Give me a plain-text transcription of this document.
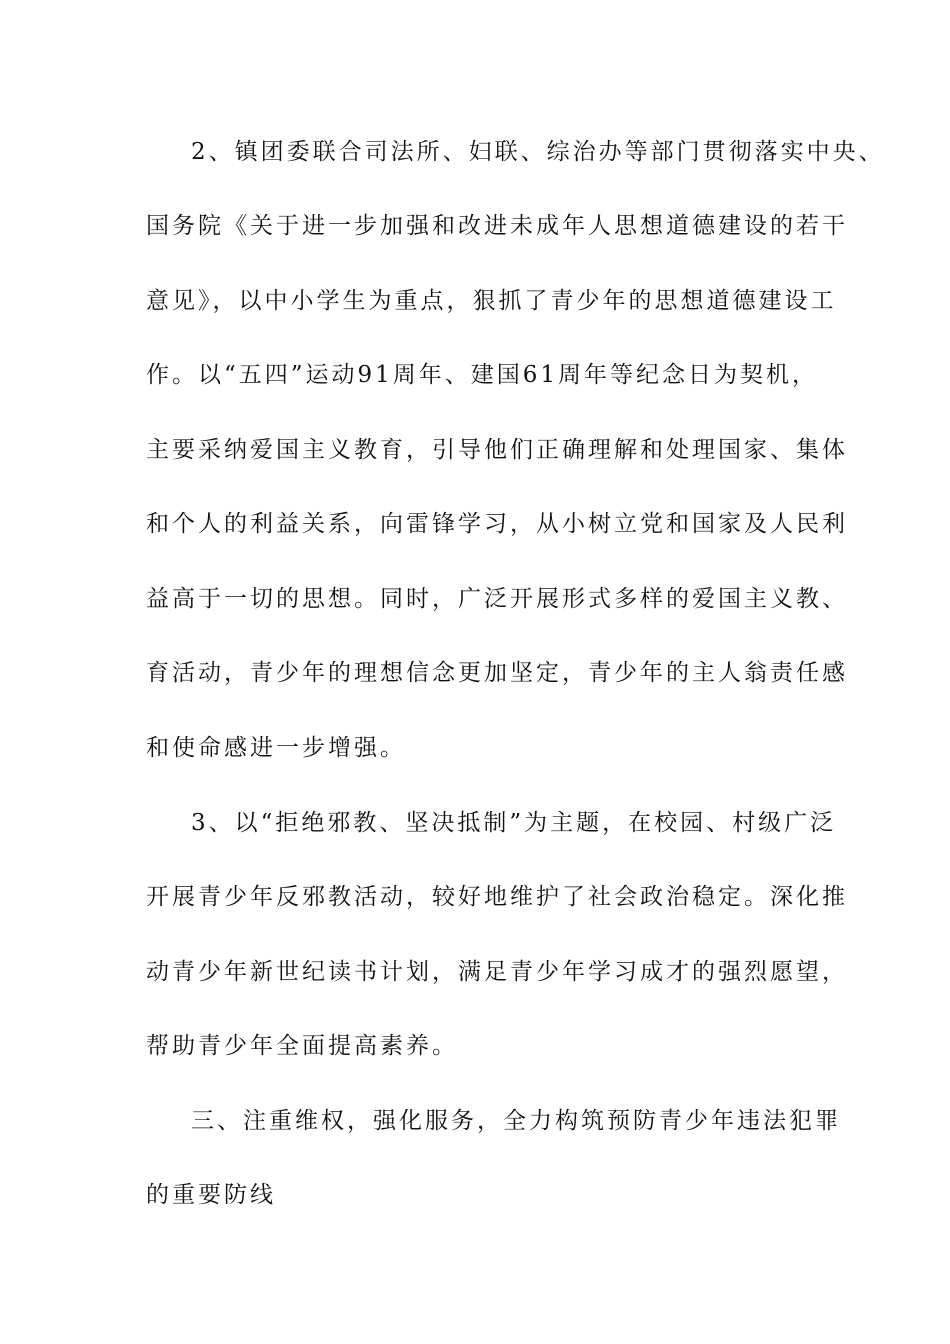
2、镇团委联合司法所、妇联、综治办等部门贯彻落实中央、
国务院《关于进一步加强和改进未成年人思想道德建设的若干
意见》，以中小学生为重点，狠抓了青少年的思想道德建设工
作。以“五四”运动91周年、建国61周年等纪念日为契机，
主要采纳爱国主义教育，引导他们正确理解和处理国家、集体
和个人的利益关系，向雷锋学习，从小树立党和国家及人民利
益高于一切的思想。同时，广泛开展形式多样的爱国主义教、
育活动，青少年的理想信念更加坚定，青少年的主人翁责任感
和使命感进一步增强。
3、以“拒绝邪教、坚决抵制”为主题，在校园、村级广泛
开展青少年反邪教活动，较好地维护了社会政治稳定。深化推
动青少年新世纪读书计划，满足青少年学习成才的强烈愿望，
帮助青少年全面提高素养。
三、注重维权，强化服务，全力构筑预防青少年违法犯罪
的重要防线
